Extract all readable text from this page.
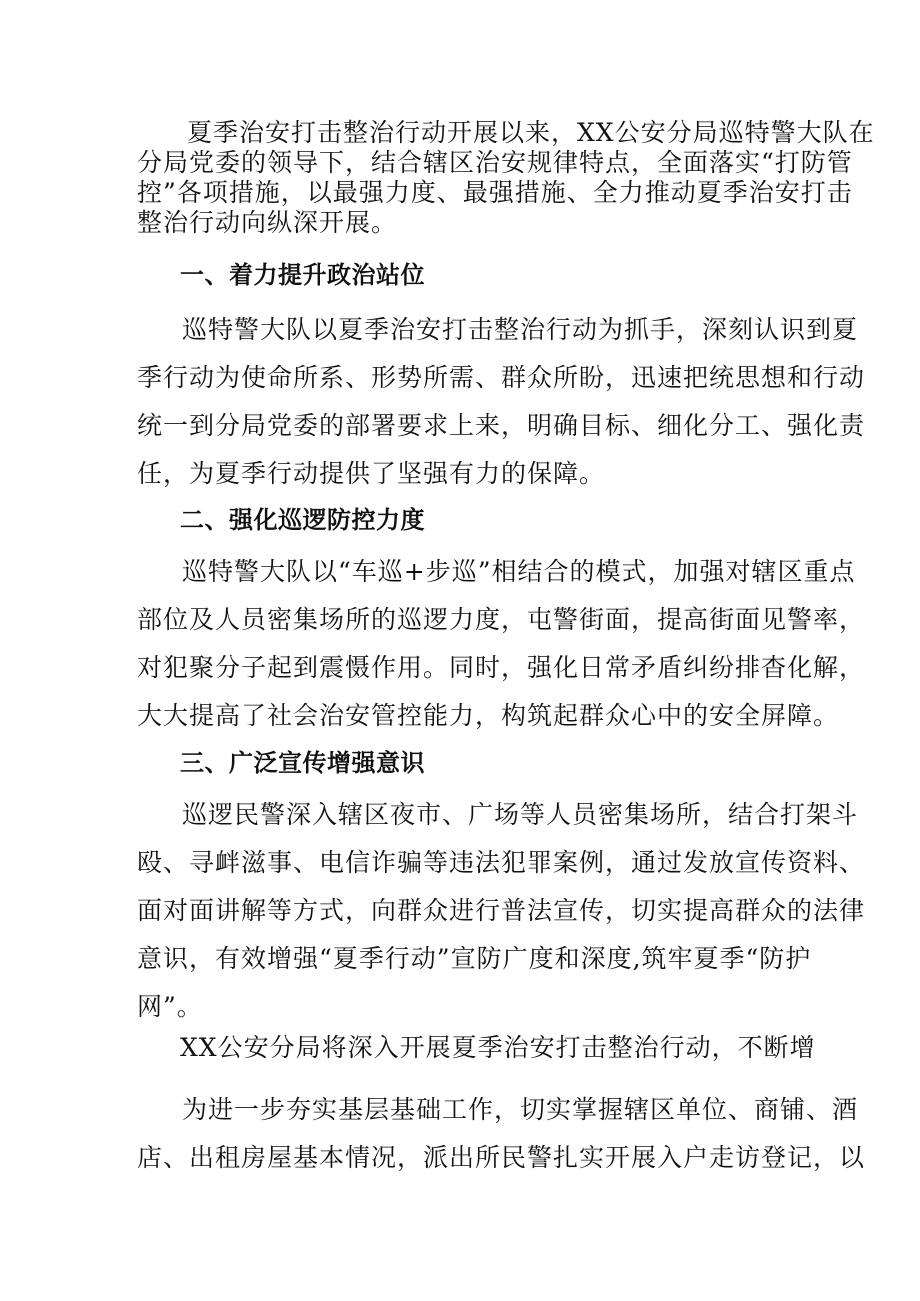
夏季治安打击整治行动开展以来，XX公安分局巡特警大队在
分局党委的领导下，结合辖区治安规律特点，全面落实“打防管
控”各项措施，以最强力度、最强措施、全力推动夏季治安打击
整治行动向纵深开展。
一、着力提升政治站位
巡特警大队以夏季治安打击整治行动为抓手，深刻认识到夏
季行动为使命所系、形势所需、群众所盼，迅速把统思想和行动
统一到分局党委的部署要求上来，明确目标、细化分工、强化责
任，为夏季行动提供了坚强有力的保障。
二、强化巡逻防控力度
巡特警大队以“车巡+步巡”相结合的模式，加强对辖区重点
部位及人员密集场所的巡逻力度，屯警街面，提高街面见警率，
对犯聚分子起到震慑作用。同时，强化日常矛盾纠纷排杳化解，
大大提高了社会治安管控能力，构筑起群众心中的安全屏障。
三、广泛宣传增强意识
巡逻民警深入辖区夜市、广场等人员密集场所，结合打架斗
殴、寻衅滋事、电信诈骗等违法犯罪案例，通过发放宣传资料、
面对面讲解等方式，向群众进行普法宣传，切实提高群众的法律
意识，有效增强“夏季行动”宣防广度和深度,筑牢夏季“防护
网”。
XX公安分局将深入开展夏季治安打击整治行动，不断增
为进一步夯实基层基础工作，切实掌握辖区单位、商铺、酒
店、出租房屋基本情况，派出所民警扎实开展入户走访登记，以
